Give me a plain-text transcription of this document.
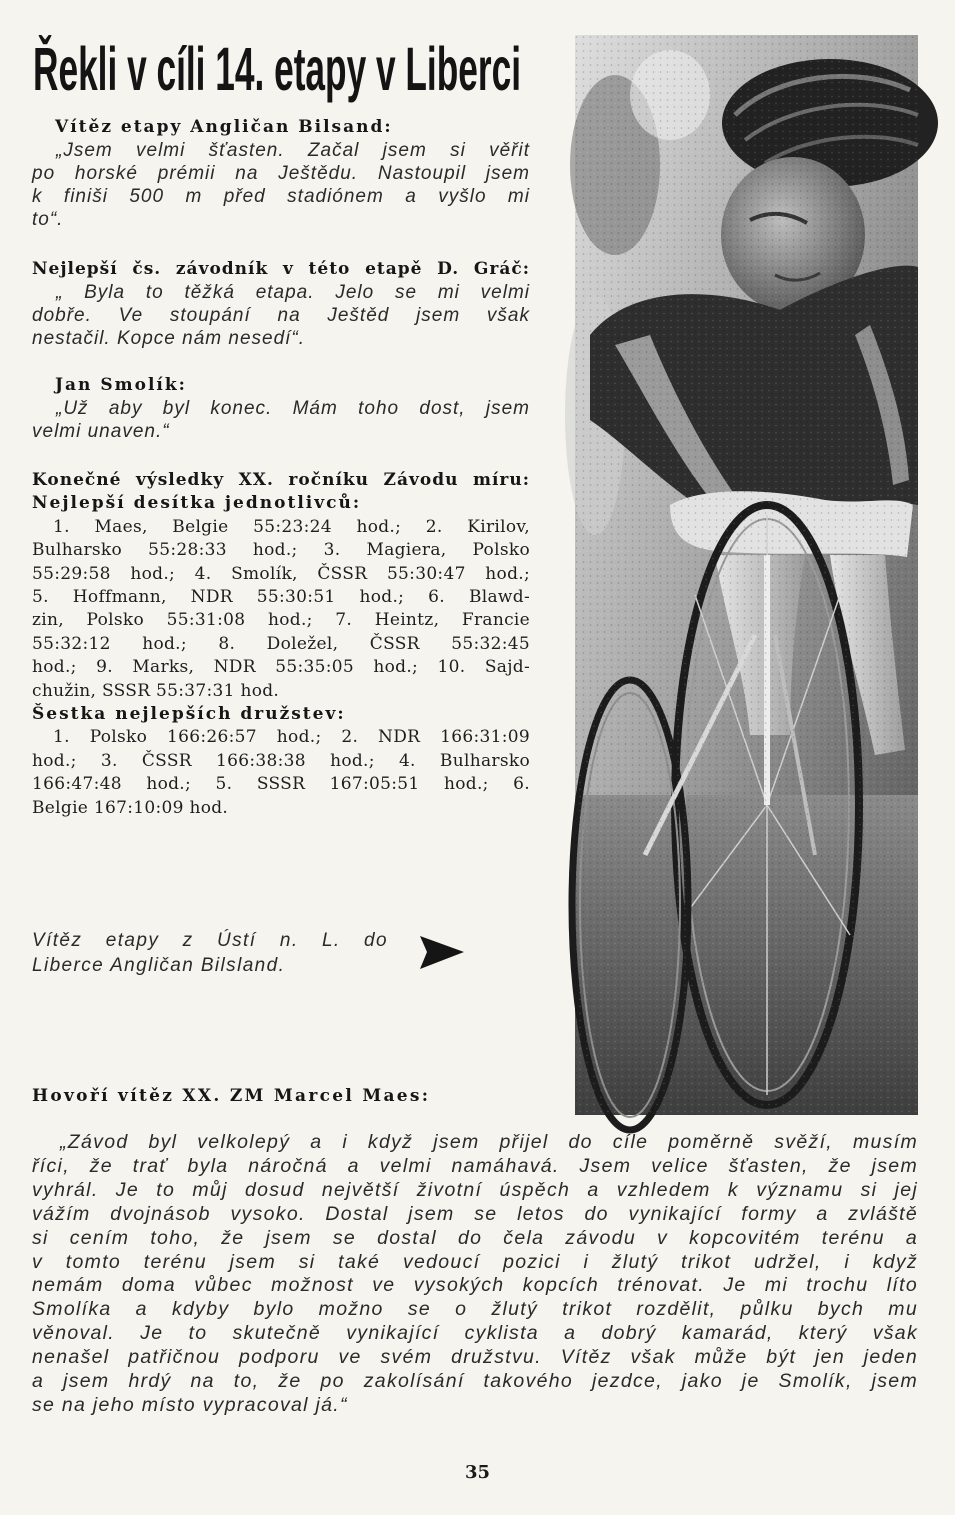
Řekli v cíli 14. etapy v Liberci
Vítěz etapy Angličan Bilsand:
„Jsem velmi šťasten. Začal jsem si věřit
po horské prémii na Ještědu. Nastoupil jsem
k finiši 500 m před stadiónem a vyšlo mi
to“.
Nejlepší čs. závodník v této etapě D. Gráč:
„ Byla to těžká etapa. Jelo se mi velmi
dobře. Ve stoupání na Ještěd jsem však
nestačil. Kopce nám nesedí“.
Jan Smolík:
„Už aby byl konec. Mám toho dost, jsem
velmi unaven.“
Konečné výsledky XX. ročníku Závodu míru:
Nejlepší desítka jednotlivců:
1. Maes, Belgie 55:23:24 hod.; 2. Kirilov,
Bulharsko 55:28:33 hod.; 3. Magiera, Polsko
55:29:58 hod.; 4. Smolík, ČSSR 55:30:47 hod.;
5. Hoffmann, NDR 55:30:51 hod.; 6. Blawd-
zin, Polsko 55:31:08 hod.; 7. Heintz, Francie
55:32:12 hod.; 8. Doležel, ČSSR 55:32:45
hod.; 9. Marks, NDR 55:35:05 hod.; 10. Sajd-
chužin, SSSR 55:37:31 hod.
Šestka nejlepších družstev:
1. Polsko 166:26:57 hod.; 2. NDR 166:31:09
hod.; 3. ČSSR 166:38:38 hod.; 4. Bulharsko
166:47:48 hod.; 5. SSSR 167:05:51 hod.; 6.
Belgie 167:10:09 hod.
Vítěz etapy z Ústí n. L. do
Liberce Angličan Bilsland.
Hovoří vítěz XX. ZM Marcel Maes:
„Závod byl velkolepý a i když jsem přijel do cíle poměrně svěží, musím
říci, že trať byla náročná a velmi namáhavá. Jsem velice šťasten, že jsem
vyhrál. Je to můj dosud největší životní úspěch a vzhledem k významu si jej
vážím dvojnásob vysoko. Dostal jsem se letos do vynikající formy a zvláště
si cením toho, že jsem se dostal do čela závodu v kopcovitém terénu a
v tomto terénu jsem si také vedoucí pozici i žlutý trikot udržel, i když
nemám doma vůbec možnost ve vysokých kopcích trénovat. Je mi trochu líto
Smolíka a kdyby bylo možno se o žlutý trikot rozdělit, půlku bych mu
věnoval. Je to skutečně vynikající cyklista a dobrý kamarád, který však
nenašel patřičnou podporu ve svém družstvu. Vítěz však může být jen jeden
a jsem hrdý na to, že po zakolísání takového jezdce, jako je Smolík, jsem
se na jeho místo vypracoval já.“
35
